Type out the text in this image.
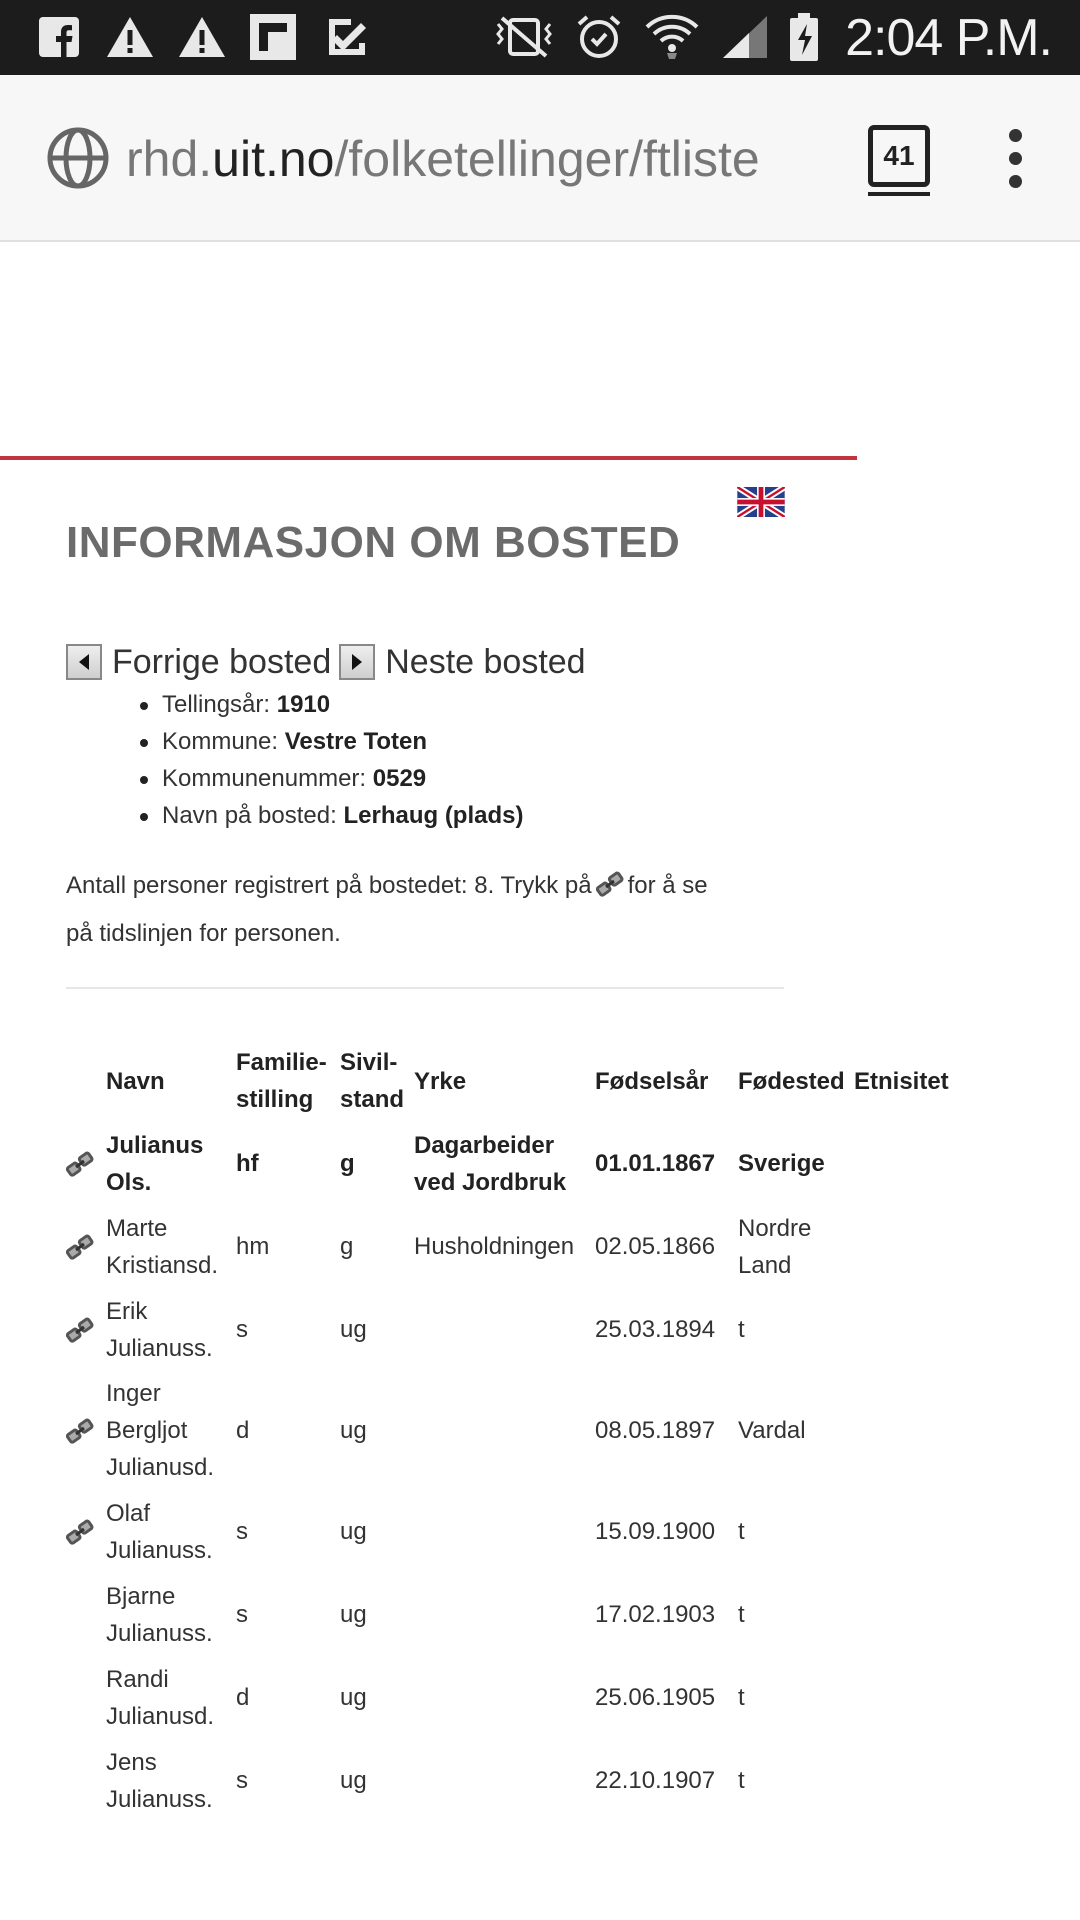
2:04 P.M.
rhd.uit.no/folketellinger/ftliste	41
INFORMASJON OM BOSTED
Forrige bosted Neste bosted
Tellingsår: 1910
Kommune: Vestre Toten
Kommunenummer: 0529
Navn på bosted: Lerhaug (plads)
Antall personer registrert på bostedet: 8. Trykk på for å se
på tidslinjen for personen.
	Navn	Familie-stilling	Sivil-stand	Yrke	Fødselsår	Fødested	Etnisitet

	Julianus Ols.	hf	g	Dagarbeider ved Jordbruk	01.01.1867	Sverige	

	Marte Kristiansd.	hm	g	Husholdningen	02.05.1866	Nordre Land	

	Erik Julianuss.	s	ug		25.03.1894	t	

	Inger Bergljot Julianusd.	d	ug		08.05.1897	Vardal	

	Olaf Julianuss.	s	ug		15.09.1900	t	
	Bjarne Julianuss.	s	ug		17.02.1903	t	
	Randi Julianusd.	d	ug		25.06.1905	t	
	Jens Julianuss.	s	ug		22.10.1907	t	
